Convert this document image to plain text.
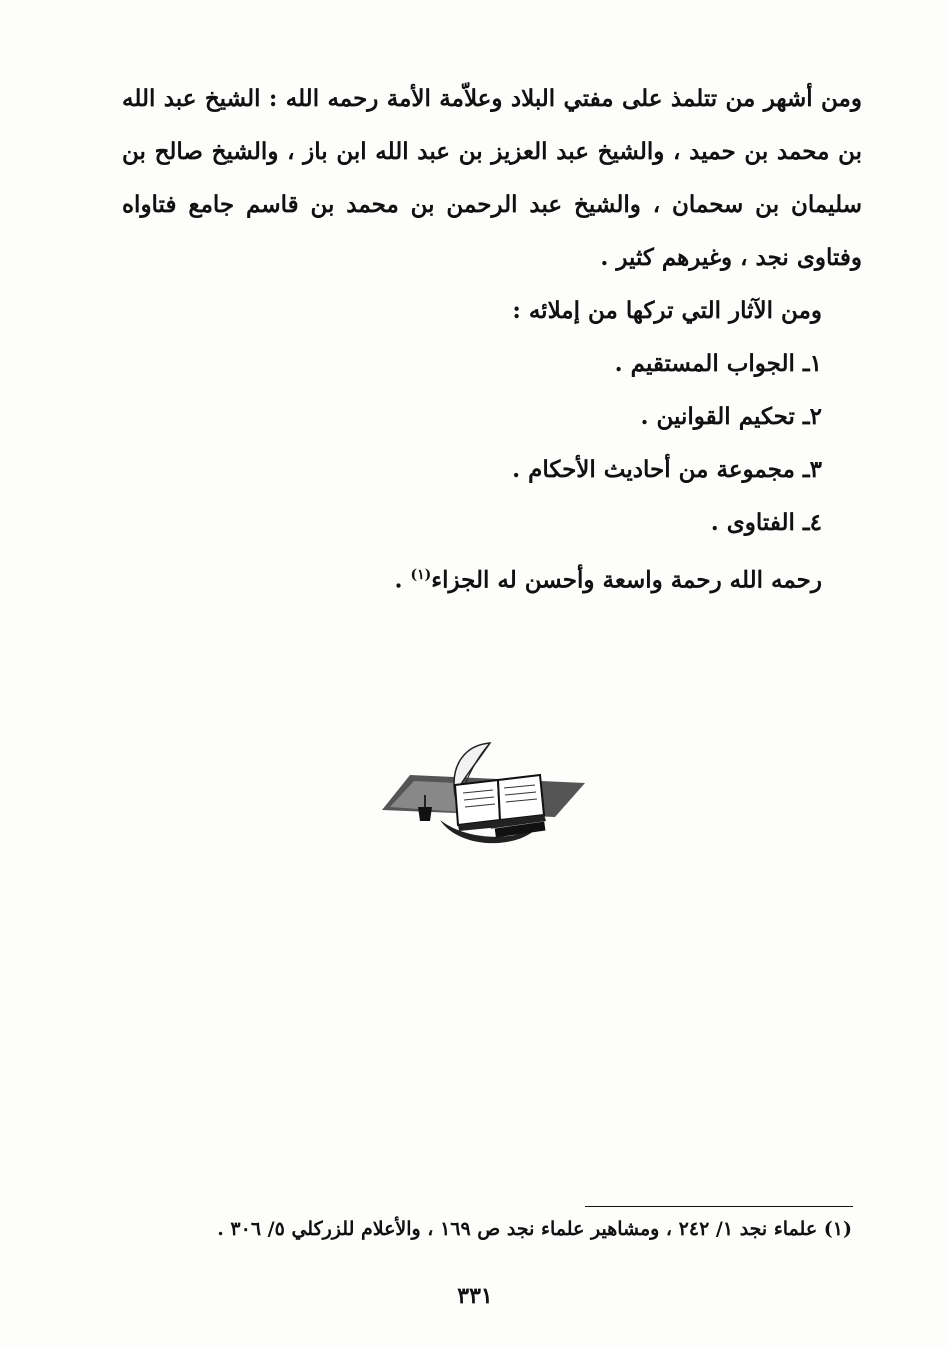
ومن أشهر من تتلمذ على مفتي البلاد وعلاّمة الأمة رحمه الله : الشيخ عبد الله بن محمد بن حميد ، والشيخ عبد العزيز بن عبد الله ابن باز ، والشيخ صالح بن سليمان بن سحمان ، والشيخ عبد الرحمن بن محمد بن قاسم جامع فتاواه وفتاوى نجد ، وغيرهم كثير .

ومن الآثار التي تركها من إملائه :

١ـ الجواب المستقيم .
٢ـ تحكيم القوانين .
٣ـ مجموعة من أحاديث الأحكام .
٤ـ الفتاوى .

رحمه الله رحمة واسعة وأحسن له الجزاء$^{(١)}$ .

(١) علماء نجد ١/ ٢٤٢ ، ومشاهير علماء نجد ص ١٦٩ ، والأعلام للزركلي ٥/ ٣٠٦ .
٣٣١
